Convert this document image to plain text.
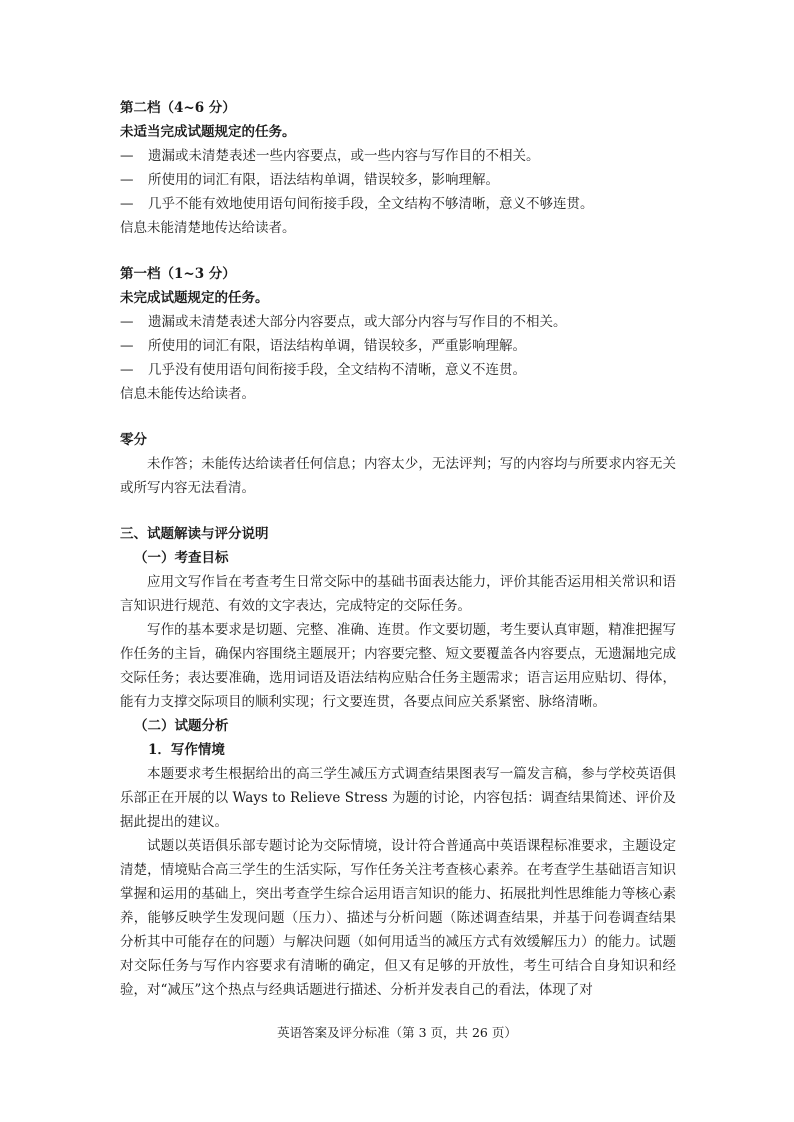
第二档（4~6 分）
未适当完成试题规定的任务。
— 遗漏或未清楚表述一些内容要点，或一些内容与写作目的不相关。
— 所使用的词汇有限，语法结构单调，错误较多，影响理解。
— 几乎不能有效地使用语句间衔接手段，全文结构不够清晰，意义不够连贯。
信息未能清楚地传达给读者。
第一档（1~3 分）
未完成试题规定的任务。
— 遗漏或未清楚表述大部分内容要点，或大部分内容与写作目的不相关。
— 所使用的词汇有限，语法结构单调，错误较多，严重影响理解。
— 几乎没有使用语句间衔接手段，全文结构不清晰，意义不连贯。
信息未能传达给读者。
零分
未作答；未能传达给读者任何信息；内容太少，无法评判；写的内容均与所要求内容无关或所写内容无法看清。
三、试题解读与评分说明
（一）考查目标
应用文写作旨在考查考生日常交际中的基础书面表达能力，评价其能否运用相关常识和语言知识进行规范、有效的文字表达，完成特定的交际任务。
写作的基本要求是切题、完整、准确、连贯。作文要切题，考生要认真审题，精准把握写作任务的主旨，确保内容围绕主题展开；内容要完整、短文要覆盖各内容要点，无遗漏地完成交际任务；表达要准确，选用词语及语法结构应贴合任务主题需求；语言运用应贴切、得体，能有力支撑交际项目的顺利实现；行文要连贯，各要点间应关系紧密、脉络清晰。
（二）试题分析
1．写作情境
本题要求考生根据给出的高三学生减压方式调查结果图表写一篇发言稿，参与学校英语俱乐部正在开展的以 Ways to Relieve Stress 为题的讨论，内容包括：调查结果简述、评价及据此提出的建议。
试题以英语俱乐部专题讨论为交际情境，设计符合普通高中英语课程标准要求，主题设定清楚，情境贴合高三学生的生活实际，写作任务关注考查核心素养。在考查学生基础语言知识掌握和运用的基础上，突出考查学生综合运用语言知识的能力、拓展批判性思维能力等核心素养，能够反映学生发现问题（压力）、描述与分析问题（陈述调查结果，并基于问卷调查结果分析其中可能存在的问题）与解决问题（如何用适当的减压方式有效缓解压力）的能力。试题对交际任务与写作内容要求有清晰的确定，但又有足够的开放性，考生可结合自身知识和经验，对“减压”这个热点与经典话题进行描述、分析并发表自己的看法，体现了对
英语答案及评分标准（第 3 页，共 26 页）
